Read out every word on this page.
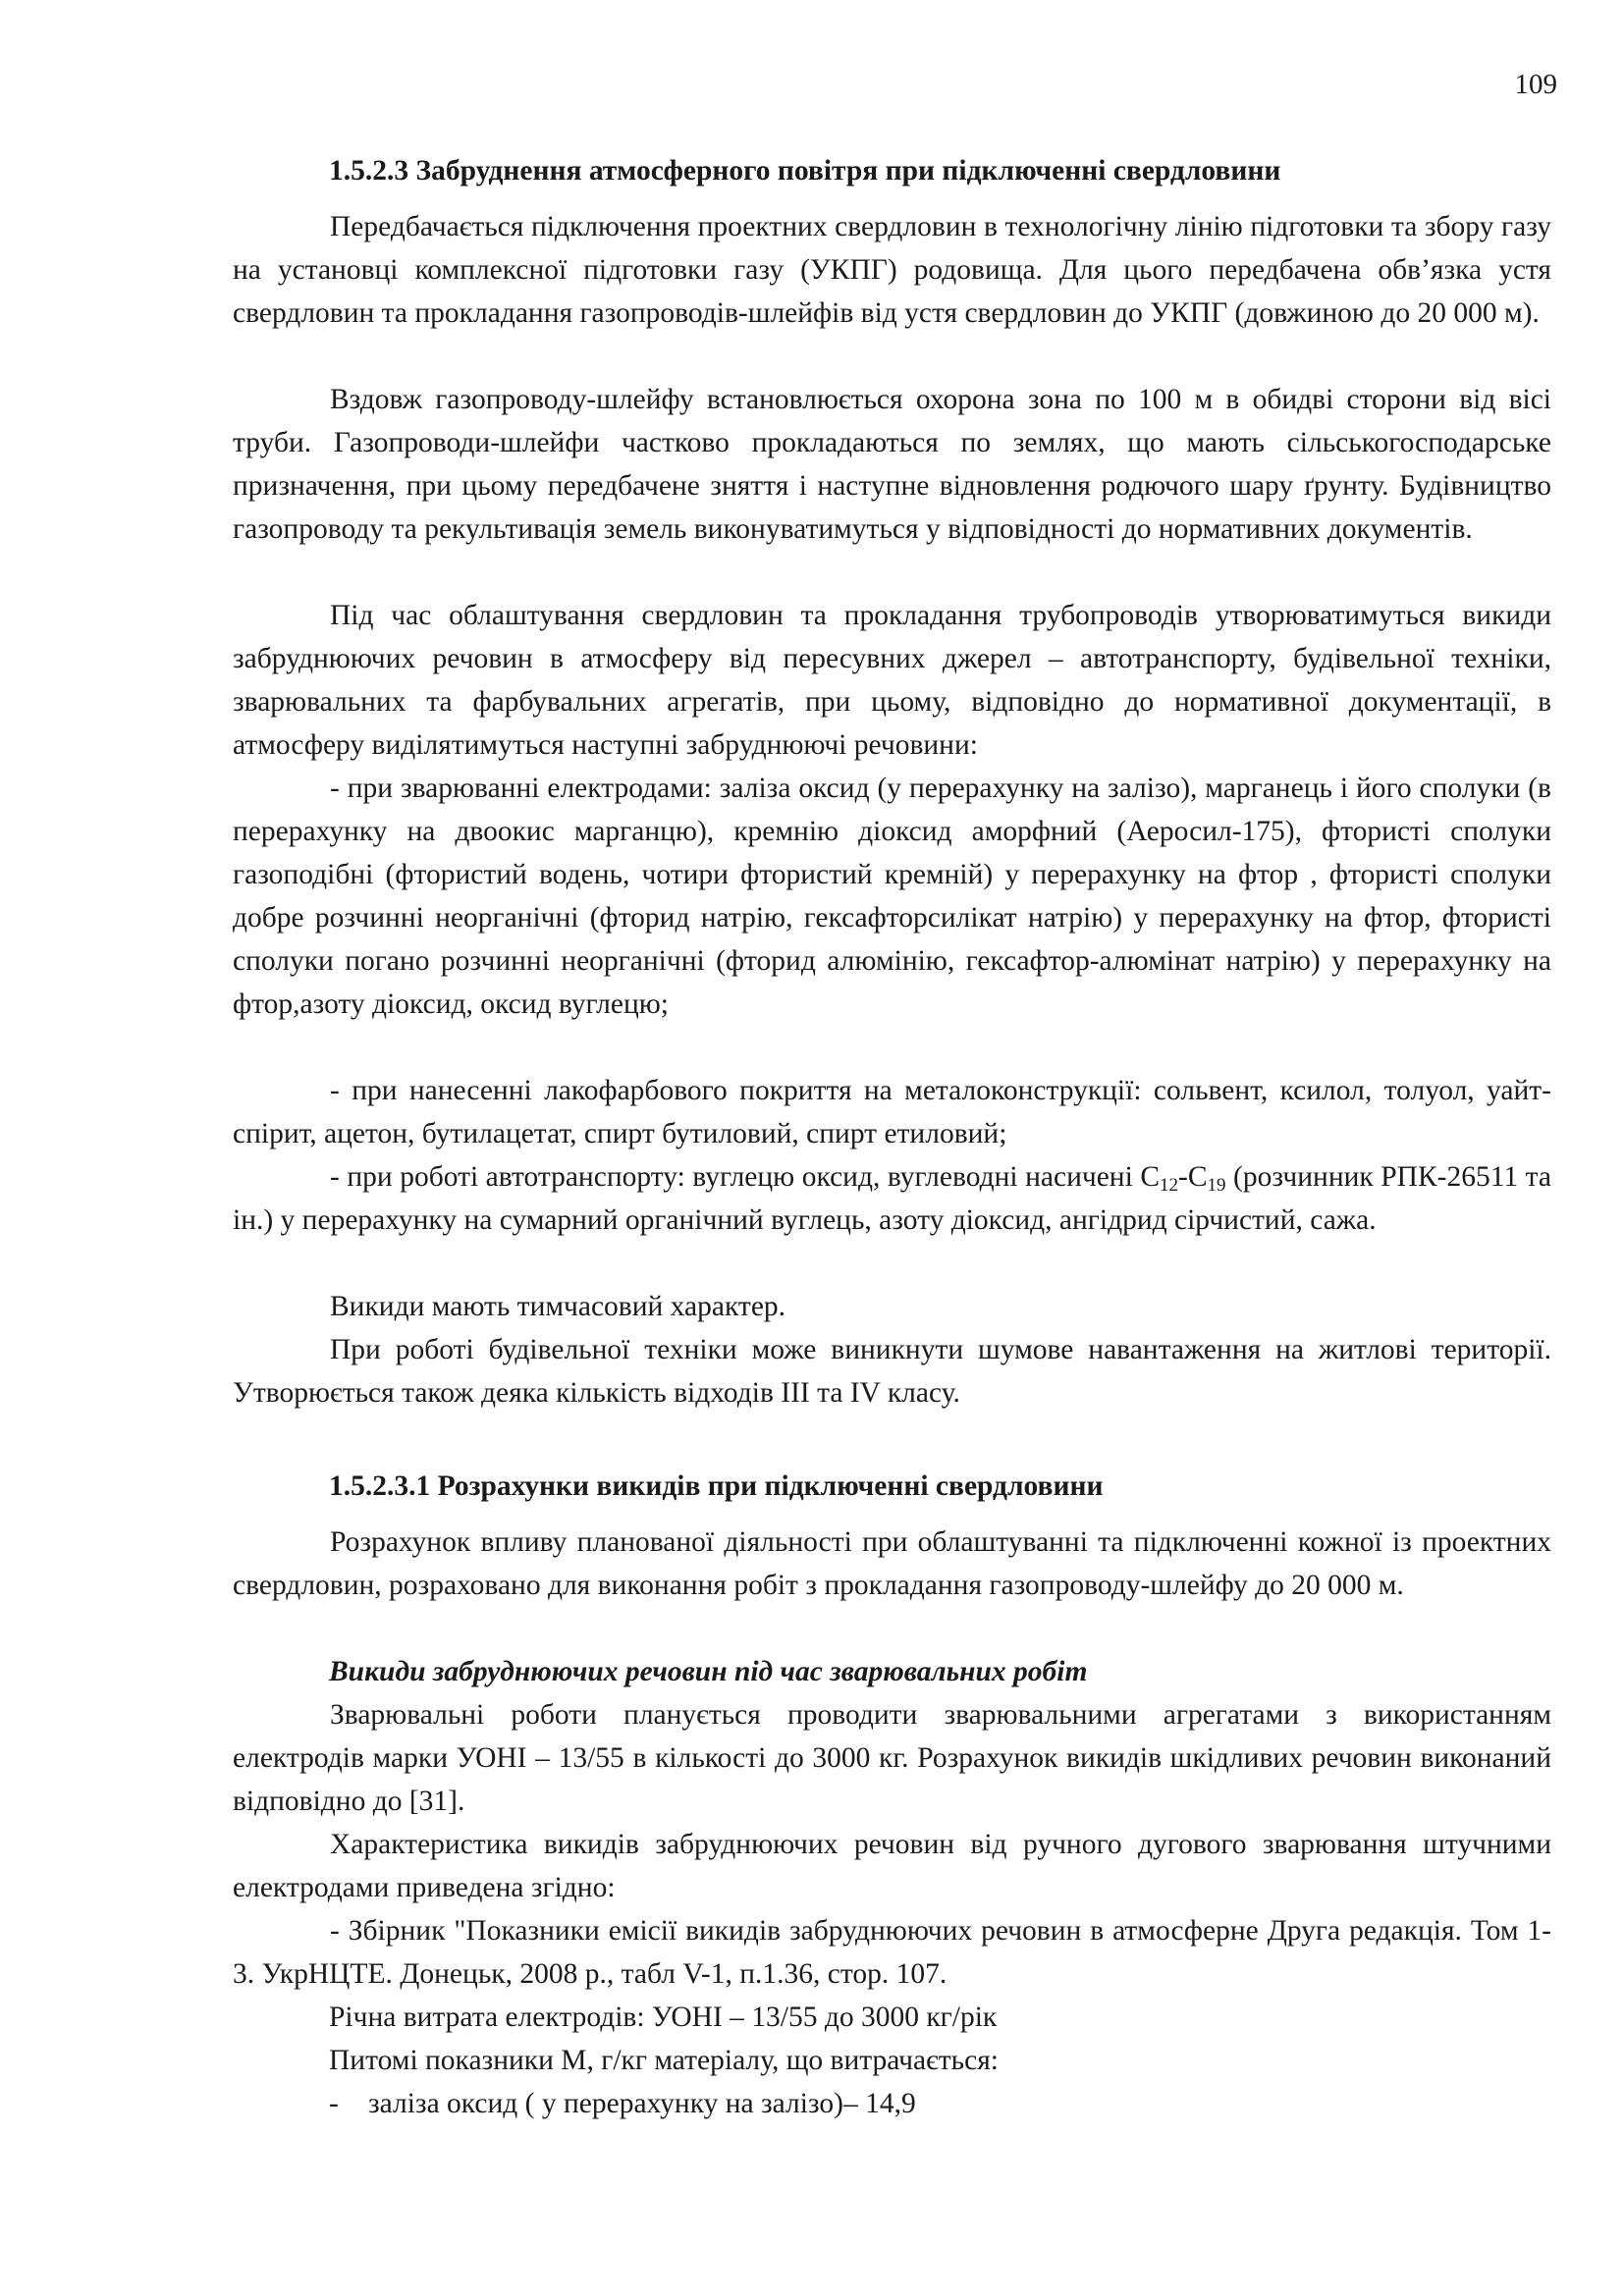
109

1.5.2.3 Забруднення атмосферного повітря при підключенні свердловини

Передбачається підключення проектних свердловин в технологічну лінію підготовки та збору газу на установці комплексної підготовки газу (УКПГ) родовища. Для цього передбачена обв’язка устя свердловин та прокладання газопроводів-шлейфів від устя свердловин до УКПГ (довжиною до 20 000 м).

Вздовж газопроводу-шлейфу встановлюється охорона зона по 100 м в обидві сторони від вісі труби. Газопроводи-шлейфи частково прокладаються по землях, що мають сільськогосподарське призначення, при цьому передбачене зняття і наступне відновлення родючого шару ґрунту. Будівництво газопроводу та рекультивація земель виконуватимуться у відповідності до нормативних документів.

Під час облаштування свердловин та прокладання трубопроводів утворюватимуться викиди забруднюючих речовин в атмосферу від пересувних джерел – автотранспорту, будівельної техніки, зварювальних та фарбувальних агрегатів, при цьому, відповідно до нормативної документації, в атмосферу виділятимуться наступні забруднюючі речовини:

- при зварюванні електродами: заліза оксид (у перерахунку на залізо), марганець і його сполуки (в перерахунку на двоокис марганцю), кремнію діоксид аморфний (Аеросил-175), фтористі сполуки газоподібні (фтористий водень, чотири фтористий кремній) у перерахунку на фтор , фтористі сполуки добре розчинні неорганічні (фторид натрію, гексафторсилікат натрію) у перерахунку на фтор, фтористі сполуки погано розчинні неорганічні (фторид алюмінію, гексафтор-алюмінат натрію) у перерахунку на фтор,азоту діоксид, оксид вуглецю;

- при нанесенні лакофарбового покриття на металоконструкції: сольвент, ксилол, толуол, уайт-спірит, ацетон, бутилацетат, спирт бутиловий, спирт етиловий;

- при роботі автотранспорту: вуглецю оксид, вуглеводні насичені $C_{12}-C_{19}$ (розчинник РПК-26511 та ін.) у перерахунку на сумарний органічний вуглець, азоту діоксид, ангідрид сірчистий, сажа.

Викиди мають тимчасовий характер.

При роботі будівельної техніки може виникнути шумове навантаження на житлові території. Утворюється також деяка кількість відходів ІІІ та IV класу.

1.5.2.3.1 Розрахунки викидів при підключенні свердловини

Розрахунок впливу планованої діяльності при облаштуванні та підключенні кожної із проектних свердловин, розраховано для виконання робіт з прокладання газопроводу-шлейфу до 20 000 м.

Викиди забруднюючих речовин під час зварювальних робіт

Зварювальні роботи планується проводити зварювальними агрегатами з використанням електродів марки УОНІ – 13/55 в кількості до 3000 кг. Розрахунок викидів шкідливих речовин виконаний відповідно до [31].

Характеристика викидів забруднюючих речовин від ручного дугового зварювання штучними електродами приведена згідно:

- Збірник "Показники емісії викидів забруднюючих речовин в атмосферне Друга редакція. Том 1-3. УкрНЦТЕ. Донецьк, 2008 р., табл V-1, п.1.36, стор. 107.

Річна витрата електродів: УОНІ – 13/55 до 3000 кг/рік

Питомі показники М, г/кг матеріалу, що витрачається:

- заліза оксид ( у перерахунку на залізо)– 14,9
